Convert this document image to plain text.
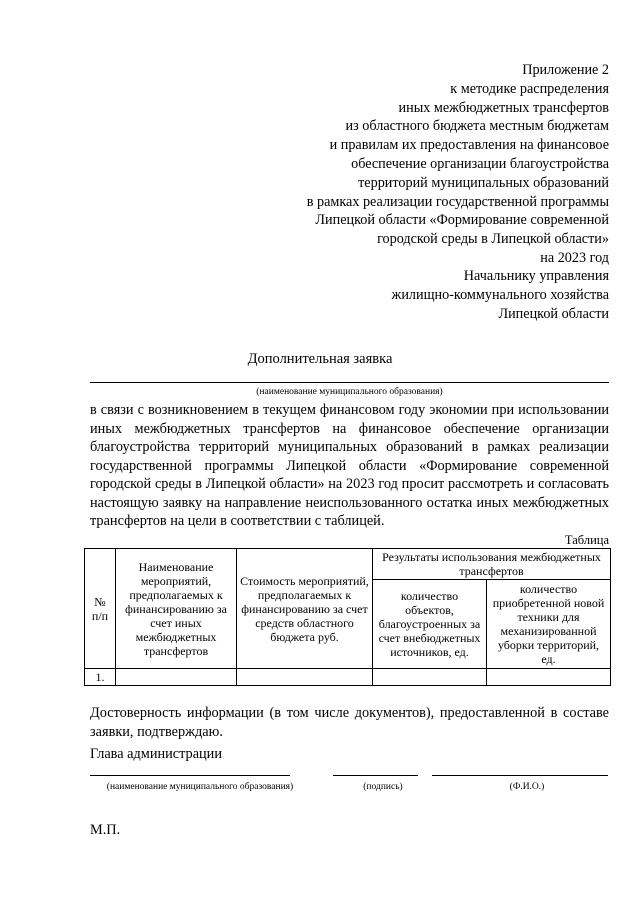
Приложение 2
к методике распределения
иных межбюджетных трансфертов
из областного бюджета местным бюджетам
и правилам их предоставления на финансовое
обеспечение организации благоустройства
территорий муниципальных образований
в рамках реализации государственной программы
Липецкой области «Формирование современной
городской среды в Липецкой области»
на 2023 год
Начальнику управления
жилищно-коммунального хозяйства
Липецкой области
Дополнительная заявка
(наименование муниципального образования)
в связи с возникновением в текущем финансовом году экономии при использовании иных межбюджетных трансфертов на финансовое обеспечение организации благоустройства территорий муниципальных образований в рамках реализации государственной программы Липецкой области «Формирование современной городской среды в Липецкой области» на 2023 год просит рассмотреть и согласовать настоящую заявку на направление неиспользованного остатка иных межбюджетных трансфертов на цели в соответствии с таблицей.
Таблица
№ п/п	Наименование мероприятий, предполагаемых к финансированию за счет иных межбюджетных трансфертов	Стоимость мероприятий, предполагаемых к финансированию за счет средств областного бюджета руб.	Результаты использования межбюджетных трансфертов	
			количество объектов, благоустроенных за счет внебюджетных источников, ед.	количество приобретенной новой техники для механизированной уборки территорий, ед.
1.				
Достоверность информации (в том числе документов), предоставленной в составе заявки, подтверждаю.
Глава администрации
(наименование муниципального образования)	(подпись)	(Ф.И.О.)
М.П.
